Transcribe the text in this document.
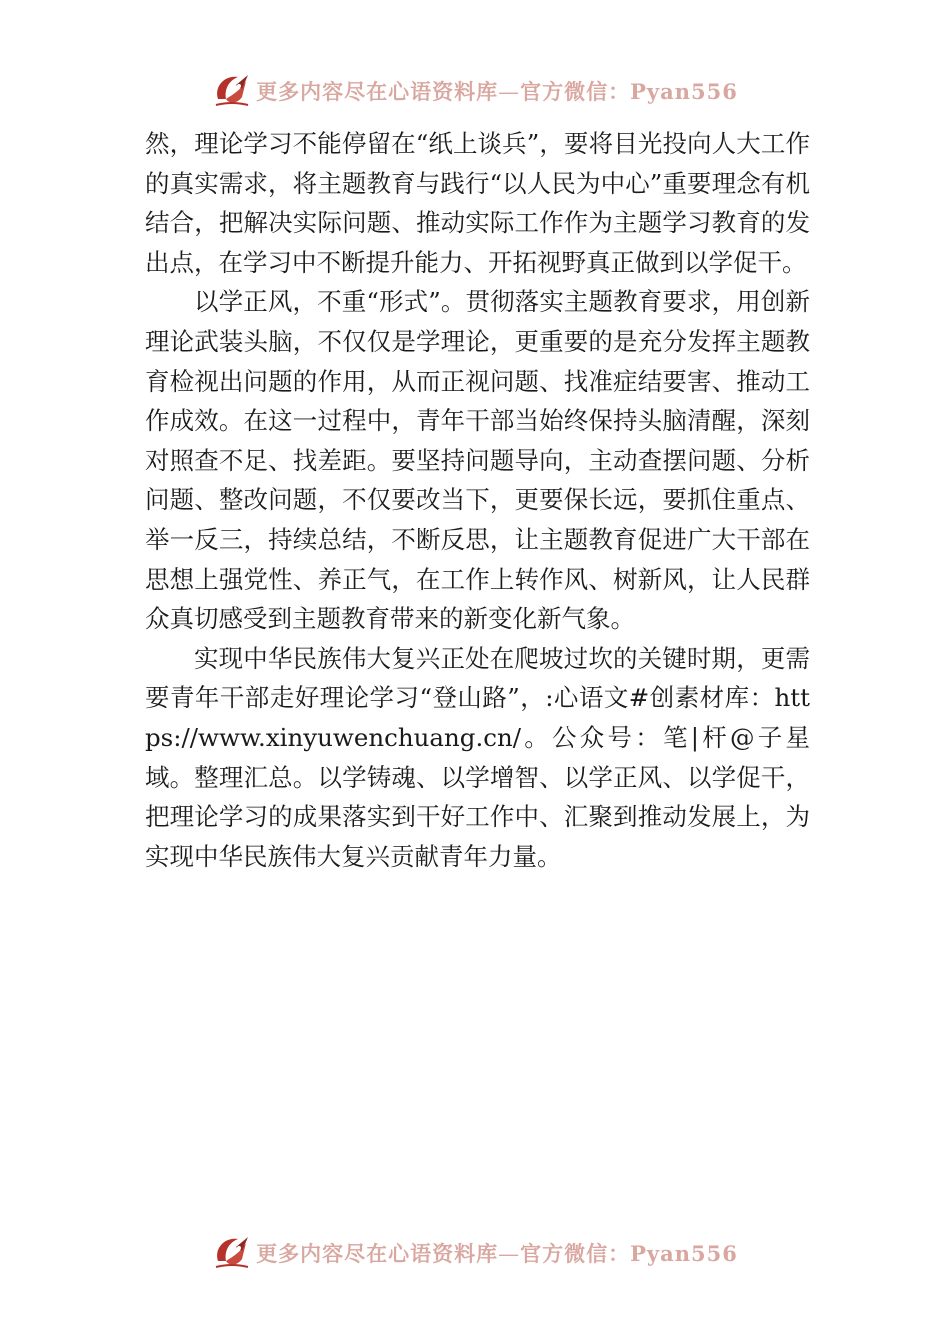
更多内容尽在心语资料库—官方微信：Pyan556

然，理论学习不能停留在“纸上谈兵”，要将目光投向人大工作的真实需求，将主题教育与践行“以人民为中心”重要理念有机结合，把解决实际问题、推动实际工作作为主题学习教育的发出点，在学习中不断提升能力、开拓视野真正做到以学促干。

以学正风，不重“形式”。贯彻落实主题教育要求，用创新理论武装头脑，不仅仅是学理论，更重要的是充分发挥主题教育检视出问题的作用，从而正视问题、找准症结要害、推动工作成效。在这一过程中，青年干部当始终保持头脑清醒，深刻对照查不足、找差距。要坚持问题导向，主动查摆问题、分析问题、整改问题，不仅要改当下，更要保长远，要抓住重点、举一反三，持续总结，不断反思，让主题教育促进广大干部在思想上强党性、养正气，在工作上转作风、树新风，让人民群众真切感受到主题教育带来的新变化新气象。

实现中华民族伟大复兴正处在爬坡过坎的关键时期，更需要青年干部走好理论学习“登山路”，:心语文#创素材库：https://www.xinyuwenchuang.cn/。公众号：笔|杆@子星域。整理汇总。以学铸魂、以学增智、以学正风、以学促干，把理论学习的成果落实到干好工作中、汇聚到推动发展上，为实现中华民族伟大复兴贡献青年力量。

更多内容尽在心语资料库—官方微信：Pyan556
